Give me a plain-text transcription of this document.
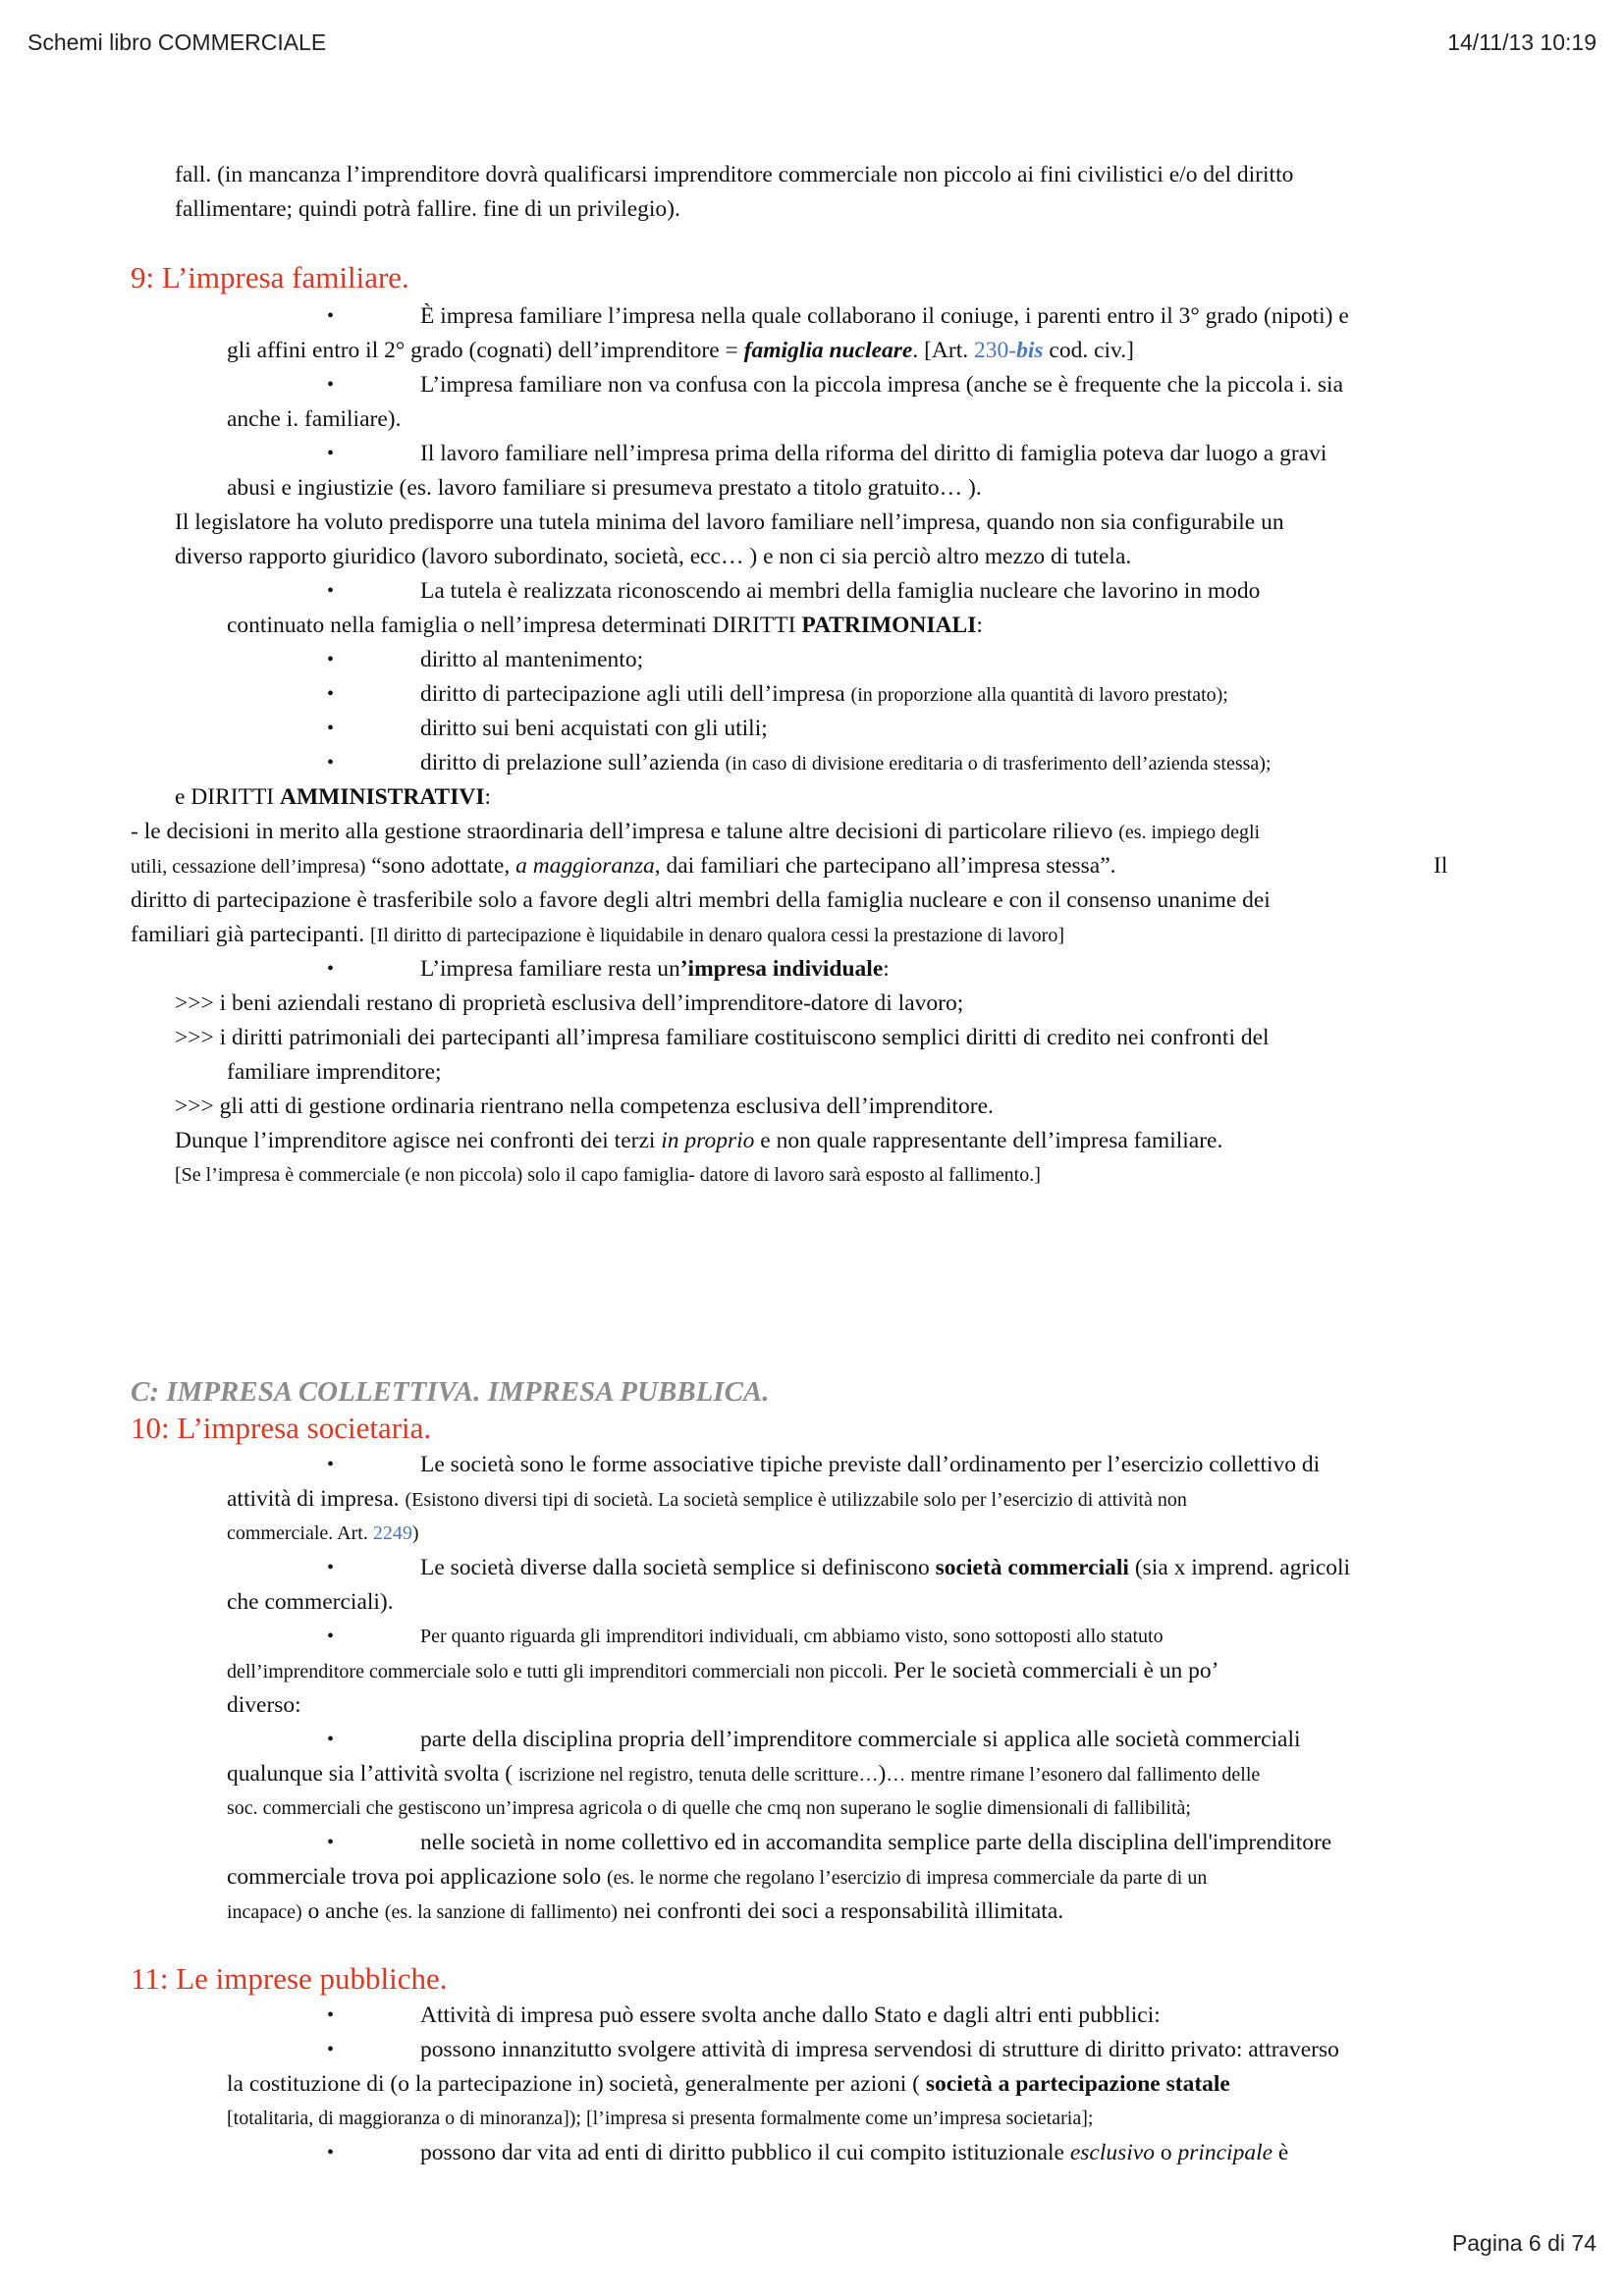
Schemi libro COMMERCIALE	14/11/13 10:19
Pagina 6 di 74
fall. (in mancanza l’imprenditore dovrà qualificarsi imprenditore commerciale non piccolo ai fini civilistici e/o del diritto
fallimentare; quindi potrà fallire. fine di un privilegio).
9: L’impresa familiare.
•	È impresa familiare l’impresa nella quale collaborano il coniuge, i parenti entro il 3° grado (nipoti) e
gli affini entro il 2° grado (cognati) dell’imprenditore = famiglia nucleare. [Art. 230-bis cod. civ.]
•	L’impresa familiare non va confusa con la piccola impresa (anche se è frequente che la piccola i. sia
anche i. familiare).
•	Il lavoro familiare nell’impresa prima della riforma del diritto di famiglia poteva dar luogo a gravi
abusi e ingiustizie (es. lavoro familiare si presumeva prestato a titolo gratuito… ).
Il legislatore ha voluto predisporre una tutela minima del lavoro familiare nell’impresa, quando non sia configurabile un
diverso rapporto giuridico (lavoro subordinato, società, ecc… ) e non ci sia perciò altro mezzo di tutela.
•	La tutela è realizzata riconoscendo ai membri della famiglia nucleare che lavorino in modo
continuato nella famiglia o nell’impresa determinati DIRITTI PATRIMONIALI:
•	diritto al mantenimento;
•	diritto di partecipazione agli utili dell’impresa (in proporzione alla quantità di lavoro prestato);
•	diritto sui beni acquistati con gli utili;
•	diritto di prelazione sull’azienda (in caso di divisione ereditaria o di trasferimento dell’azienda stessa);
e DIRITTI AMMINISTRATIVI:
- le decisioni in merito alla gestione straordinaria dell’impresa e talune altre decisioni di particolare rilievo (es. impiego degli
utili, cessazione dell’impresa) “sono adottate, a maggioranza, dai familiari che partecipano all’impresa stessa”.	Il
diritto di partecipazione è trasferibile solo a favore degli altri membri della famiglia nucleare e con il consenso unanime dei
familiari già partecipanti. [Il diritto di partecipazione è liquidabile in denaro qualora cessi la prestazione di lavoro]
•	L’impresa familiare resta un’impresa individuale:
>>> i beni aziendali restano di proprietà esclusiva dell’imprenditore-datore di lavoro;
>>> i diritti patrimoniali dei partecipanti all’impresa familiare costituiscono semplici diritti di credito nei confronti del
familiare imprenditore;
>>> gli atti di gestione ordinaria rientrano nella competenza esclusiva dell’imprenditore.
Dunque l’imprenditore agisce nei confronti dei terzi in proprio e non quale rappresentante dell’impresa familiare.
[Se l’impresa è commerciale (e non piccola) solo il capo famiglia- datore di lavoro sarà esposto al fallimento.]
C: IMPRESA COLLETTIVA. IMPRESA PUBBLICA.
10: L’impresa societaria.
•	Le società sono le forme associative tipiche previste dall’ordinamento per l’esercizio collettivo di
attività di impresa. (Esistono diversi tipi di società. La società semplice è utilizzabile solo per l’esercizio di attività non
commerciale. Art. 2249)
•	Le società diverse dalla società semplice si definiscono società commerciali (sia x imprend. agricoli
che commerciali).
•	Per quanto riguarda gli imprenditori individuali, cm abbiamo visto, sono sottoposti allo statuto
dell’imprenditore commerciale solo e tutti gli imprenditori commerciali non piccoli. Per le società commerciali è un po’
diverso:
•	parte della disciplina propria dell’imprenditore commerciale si applica alle società commerciali
qualunque sia l’attività svolta ( iscrizione nel registro, tenuta delle scritture…)… mentre rimane l’esonero dal fallimento delle
soc. commerciali che gestiscono un’impresa agricola o di quelle che cmq non superano le soglie dimensionali di fallibilità;
•	nelle società in nome collettivo ed in accomandita semplice parte della disciplina dell'imprenditore
commerciale trova poi applicazione solo (es. le norme che regolano l’esercizio di impresa commerciale da parte di un
incapace) o anche (es. la sanzione di fallimento) nei confronti dei soci a responsabilità illimitata.
11: Le imprese pubbliche.
•	Attività di impresa può essere svolta anche dallo Stato e dagli altri enti pubblici:
•	possono innanzitutto svolgere attività di impresa servendosi di strutture di diritto privato: attraverso
la costituzione di (o la partecipazione in) società, generalmente per azioni ( società a partecipazione statale
[totalitaria, di maggioranza o di minoranza]); [l’impresa si presenta formalmente come un’impresa societaria];
•	possono dar vita ad enti di diritto pubblico il cui compito istituzionale esclusivo o principale è
